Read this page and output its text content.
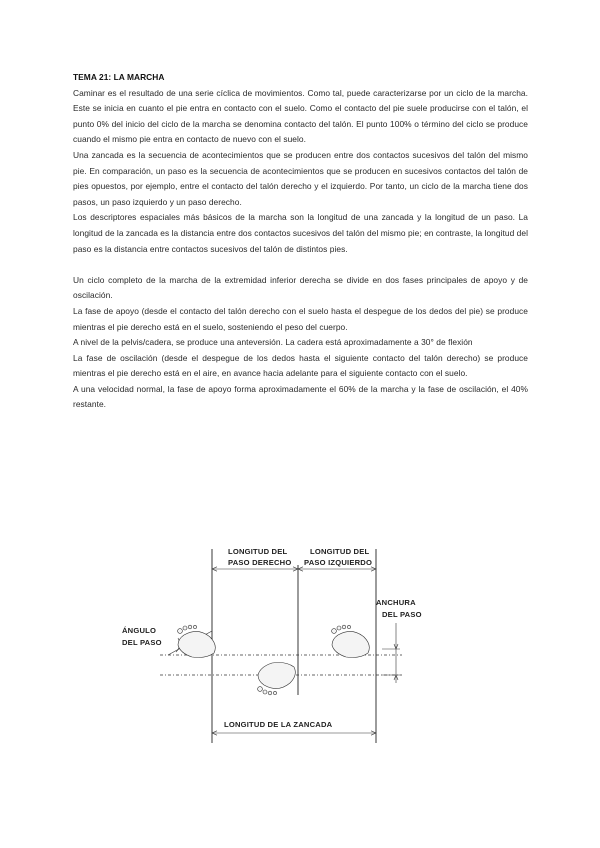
TEMA 21: LA MARCHA

Caminar es el resultado de una serie cíclica de movimientos. Como tal, puede caracterizarse por un ciclo de la marcha. Este se inicia en cuanto el pie entra en contacto con el suelo. Como el contacto del pie suele producirse con el talón, el punto 0% del inicio del ciclo de la marcha se denomina contacto del talón. El punto 100% o término del ciclo se produce cuando el mismo pie entra en contacto de nuevo con el suelo.

Una zancada es la secuencia de acontecimientos que se producen entre dos contactos sucesivos del talón del mismo pie. En comparación, un paso es la secuencia de acontecimientos que se producen en sucesivos contactos del talón de pies opuestos, por ejemplo, entre el contacto del talón derecho y el izquierdo. Por tanto, un ciclo de la marcha tiene dos pasos, un paso izquierdo y un paso derecho.

Los descriptores espaciales más básicos de la marcha son la longitud de una zancada y la longitud de un paso. La longitud de la zancada es la distancia entre dos contactos sucesivos del talón del mismo pie; en contraste, la longitud del paso es la distancia entre contactos sucesivos del talón de distintos pies.

Un ciclo completo de la marcha de la extremidad inferior derecha se divide en dos fases principales de apoyo y de oscilación.

La fase de apoyo (desde el contacto del talón derecho con el suelo hasta el despegue de los dedos del pie) se produce mientras el pie derecho está en el suelo, sosteniendo el peso del cuerpo.

A nivel de la pelvis/cadera, se produce una anteversión. La cadera está aproximadamente a 30° de flexión

La fase de oscilación (desde el despegue de los dedos hasta el siguiente contacto del talón derecho) se produce mientras el pie derecho está en el aire, en avance hacia adelante para el siguiente contacto con el suelo.

A una velocidad normal, la fase de apoyo forma aproximadamente el 60% de la marcha y la fase de oscilación, el 40% restante.

LONGITUD DEL
PASO DERECHO
LONGITUD DEL
PASO IZQUIERDO
ANCHURA
DEL PASO
ÁNGULO
DEL PASO
LONGITUD DE LA ZANCADA
